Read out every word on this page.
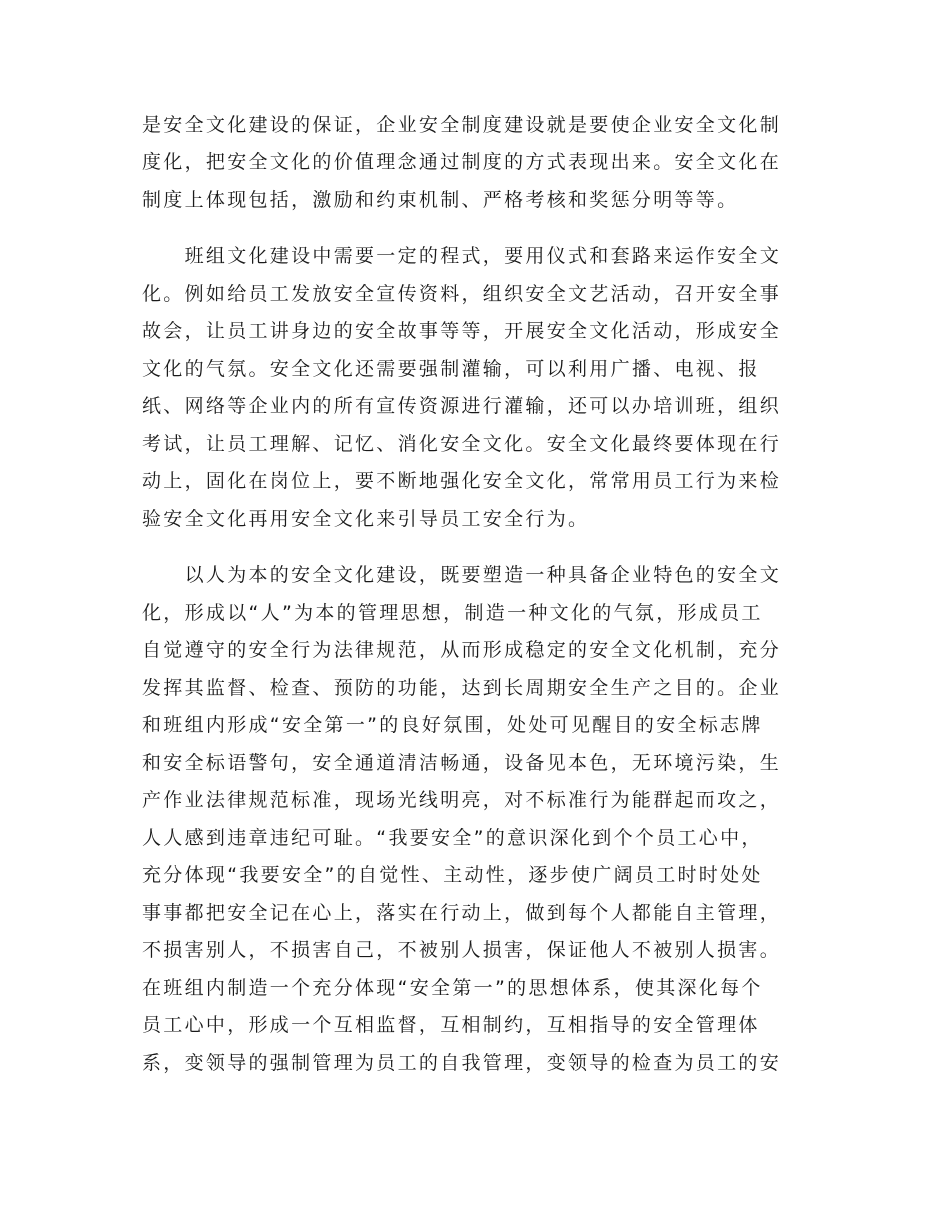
是安全文化建设的保证，企业安全制度建设就是要使企业安全文化制
度化，把安全文化的价值理念通过制度的方式表现出来。安全文化在
制度上体现包括，激励和约束机制、严格考核和奖惩分明等等。
　　班组文化建设中需要一定的程式，要用仪式和套路来运作安全文
化。例如给员工发放安全宣传资料，组织安全文艺活动，召开安全事
故会，让员工讲身边的安全故事等等，开展安全文化活动，形成安全
文化的气氛。安全文化还需要强制灌输，可以利用广播、电视、报
纸、网络等企业内的所有宣传资源进行灌输，还可以办培训班，组织
考试，让员工理解、记忆、消化安全文化。安全文化最终要体现在行
动上，固化在岗位上，要不断地强化安全文化，常常用员工行为来检
验安全文化再用安全文化来引导员工安全行为。
　　以人为本的安全文化建设，既要塑造一种具备企业特色的安全文
化，形成以“人”为本的管理思想，制造一种文化的气氛，形成员工
自觉遵守的安全行为法律规范，从而形成稳定的安全文化机制，充分
发挥其监督、检查、预防的功能，达到长周期安全生产之目的。企业
和班组内形成“安全第一”的良好氛围，处处可见醒目的安全标志牌
和安全标语警句，安全通道清洁畅通，设备见本色，无环境污染，生
产作业法律规范标准，现场光线明亮，对不标准行为能群起而攻之，
人人感到违章违纪可耻。“我要安全”的意识深化到个个员工心中，
充分体现“我要安全”的自觉性、主动性，逐步使广阔员工时时处处
事事都把安全记在心上，落实在行动上，做到每个人都能自主管理，
不损害别人，不损害自己，不被别人损害，保证他人不被别人损害。
在班组内制造一个充分体现“安全第一”的思想体系，使其深化每个
员工心中，形成一个互相监督，互相制约，互相指导的安全管理体
系，变领导的强制管理为员工的自我管理，变领导的检查为员工的安
